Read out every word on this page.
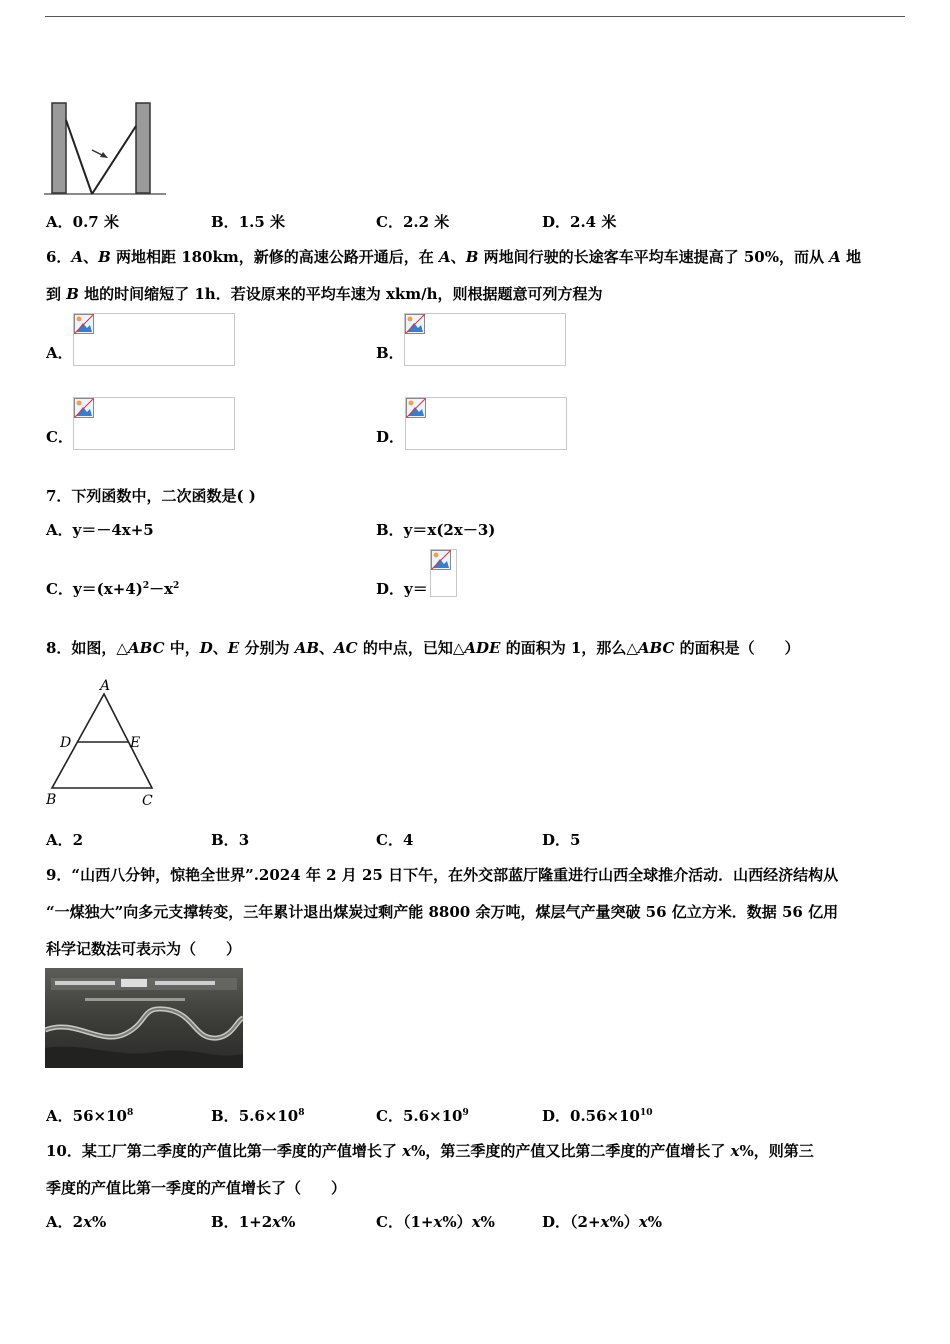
A．0.7 米	B．1.5 米	C．2.2 米	D．2.4 米
6．A、B 两地相距 180km，新修的高速公路开通后，在 A、B 两地间行驶的长途客车平均车速提高了 50%，而从 A 地
到 B 地的时间缩短了 1h．若设原来的平均车速为 xkm/h，则根据题意可列方程为
A．	B．
C．	D．
7．下列函数中，二次函数是( )
A．y＝－4x+5	B．y＝x(2x－3)
C．$y=(x+4)^2-x^2$	D．y＝
8．如图，△ABC 中，D、E 分别为 AB、AC 的中点，已知△ADE 的面积为 1，那么△ABC 的面积是（　　）
A
D	E
B	C
A．2	B．3	C．4	D．5
9．“山西八分钟，惊艳全世界”.2024 年 2 月 25 日下午，在外交部蓝厅隆重进行山西全球推介活动．山西经济结构从
“一煤独大”向多元支撑转变，三年累计退出煤炭过剩产能 8800 余万吨，煤层气产量突破 56 亿立方米．数据 56 亿用
科学记数法可表示为（　　）
A．$56\times 10^8$	B．$5.6\times 10^8$	C．$5.6\times 10^9$	D．$0.56\times 10^{10}$
10．某工厂第二季度的产值比第一季度的产值增长了 x%，第三季度的产值又比第二季度的产值增长了 x%，则第三
季度的产值比第一季度的产值增长了（　　）
A．2x%	B．1+2x%	C．（1+x%）x%	D．（2+x%）x%
